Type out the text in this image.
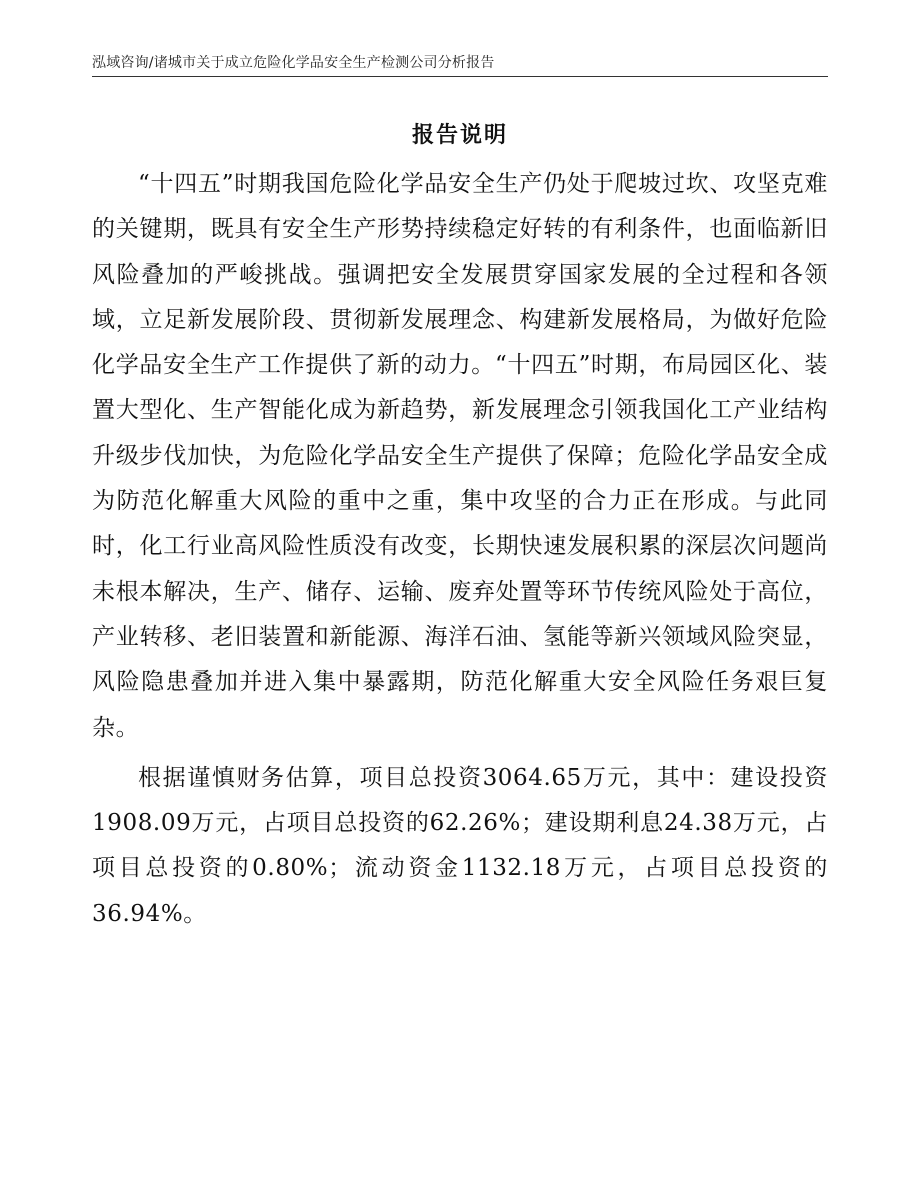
泓域咨询/诸城市关于成立危险化学品安全生产检测公司分析报告
报告说明

“十四五”时期我国危险化学品安全生产仍处于爬坡过坎、攻坚克难的关键期，既具有安全生产形势持续稳定好转的有利条件，也面临新旧风险叠加的严峻挑战。强调把安全发展贯穿国家发展的全过程和各领域，立足新发展阶段、贯彻新发展理念、构建新发展格局，为做好危险化学品安全生产工作提供了新的动力。“十四五”时期，布局园区化、装置大型化、生产智能化成为新趋势，新发展理念引领我国化工产业结构升级步伐加快，为危险化学品安全生产提供了保障；危险化学品安全成为防范化解重大风险的重中之重，集中攻坚的合力正在形成。与此同时，化工行业高风险性质没有改变，长期快速发展积累的深层次问题尚未根本解决，生产、储存、运输、废弃处置等环节传统风险处于高位，产业转移、老旧装置和新能源、海洋石油、氢能等新兴领域风险突显，风险隐患叠加并进入集中暴露期，防范化解重大安全风险任务艰巨复杂。

根据谨慎财务估算，项目总投资3064.65万元，其中：建设投资1908.09万元，占项目总投资的62.26%；建设期利息24.38万元，占项目总投资的0.80%；流动资金1132.18万元，占项目总投资的36.94%。
